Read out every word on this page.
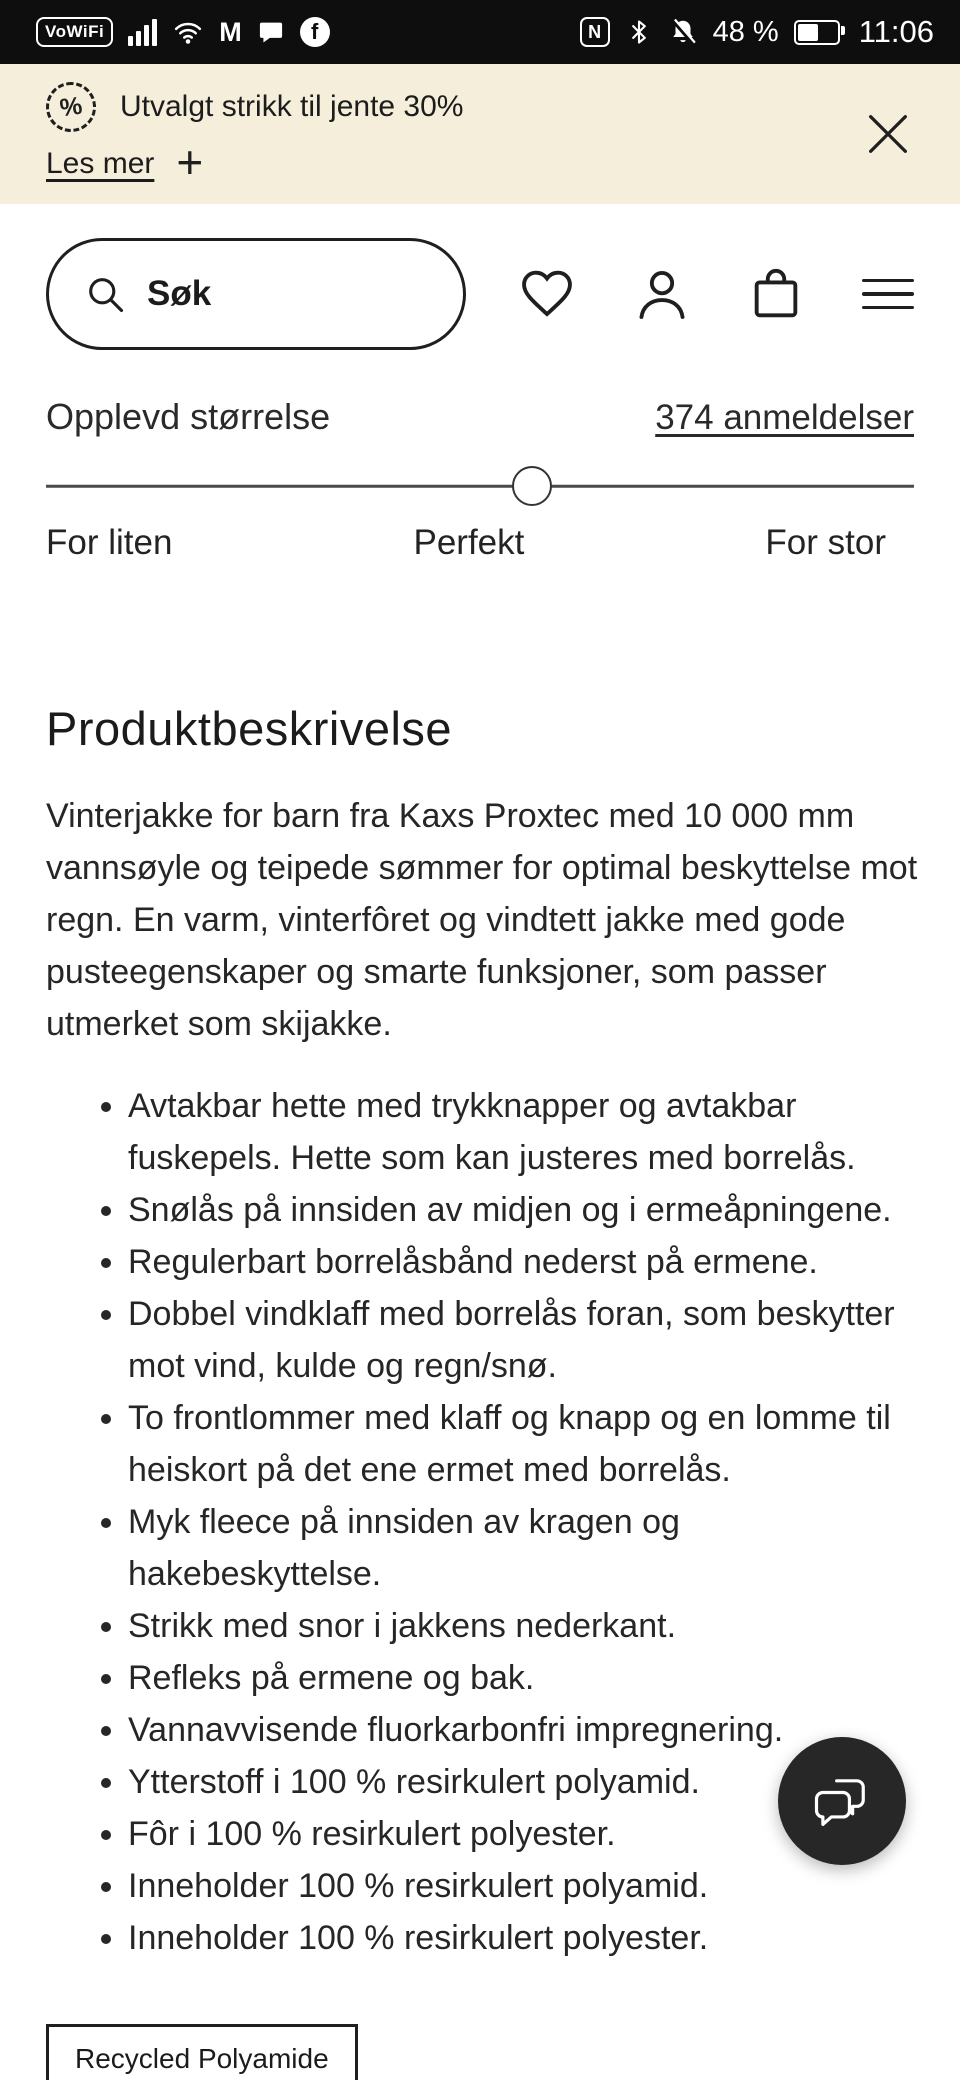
VoWiFi	M	f	N	48 %	11:06
% Utvalgt strikk til jente 30%
Les mer +
Søk
Opplevd størrelse	374 anmeldelser
For liten	Perfekt	For stor
Produktbeskrivelse

Vinterjakke for barn fra Kaxs Proxtec med 10 000 mm vannsøyle og teipede sømmer for optimal beskyttelse mot regn. En varm, vinterfôret og vindtett jakke med gode pusteegenskaper og smarte funksjoner, som passer utmerket som skijakke.

• Avtakbar hette med trykknapper og avtakbar fuskepels. Hette som kan justeres med borrelås.
• Snølås på innsiden av midjen og i ermeåpningene.
• Regulerbart borrelåsbånd nederst på ermene.
• Dobbel vindklaff med borrelås foran, som beskytter mot vind, kulde og regn/snø.
• To frontlommer med klaff og knapp og en lomme til heiskort på det ene ermet med borrelås.
• Myk fleece på innsiden av kragen og hakebeskyttelse.
• Strikk med snor i jakkens nederkant.
• Refleks på ermene og bak.
• Vannavvisende fluorkarbonfri impregnering.
• Ytterstoff i 100 % resirkulert polyamid.
• Fôr i 100 % resirkulert polyester.
• Inneholder 100 % resirkulert polyamid.
• Inneholder 100 % resirkulert polyester.
Recycled Polyamide
